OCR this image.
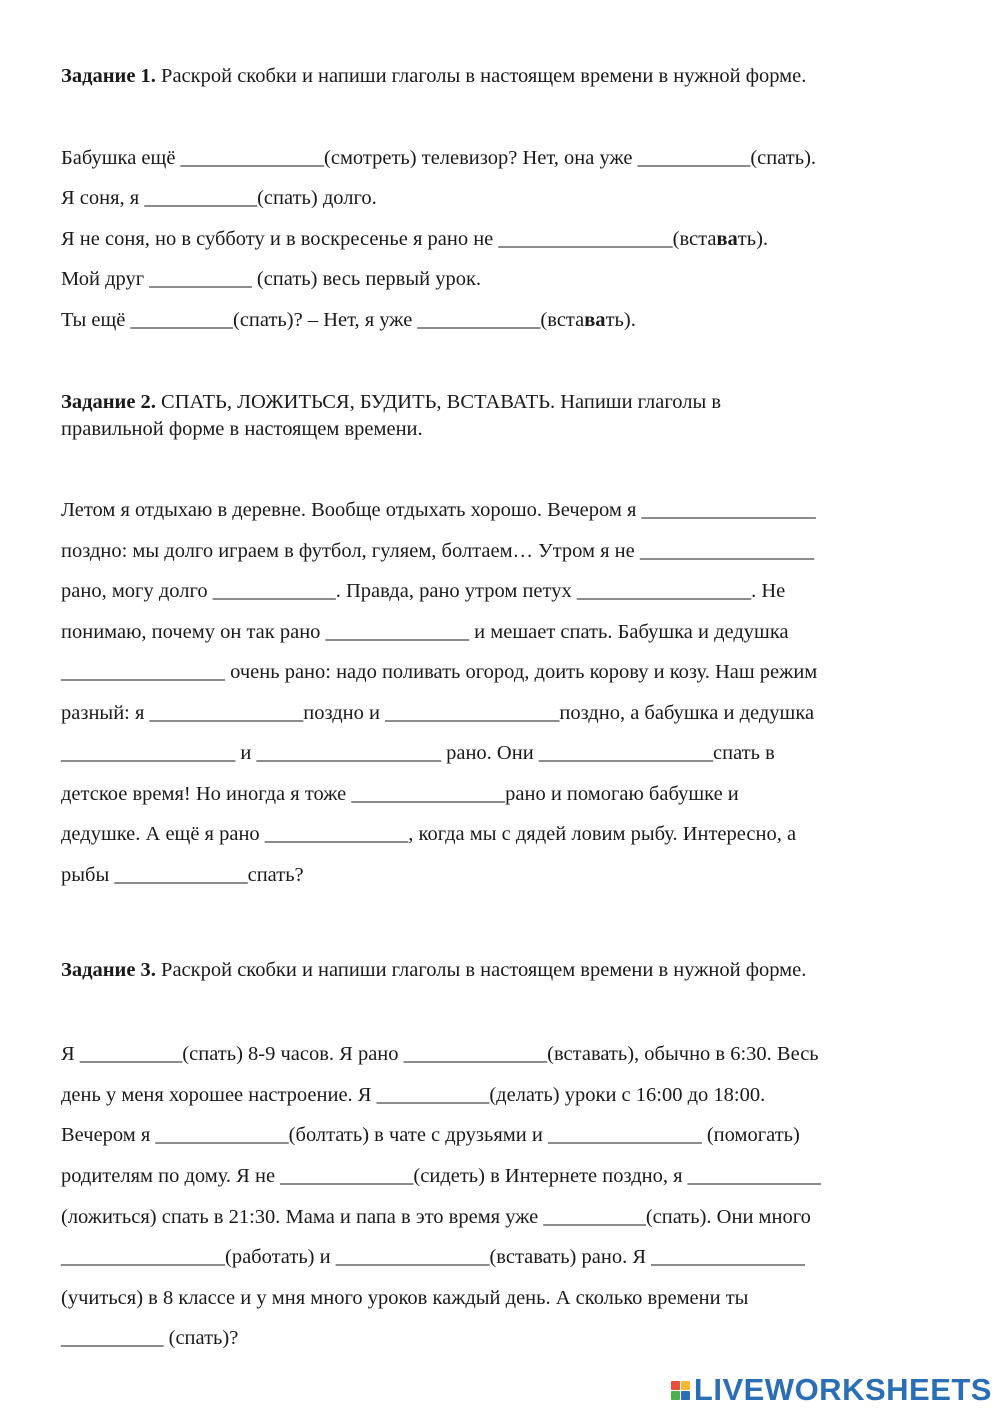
Задание 1. Раскрой скобки и напиши глаголы в настоящем времени в нужной форме.
Бабушка ещё ______________(смотреть) телевизор? Нет, она уже ___________(спать).
Я соня, я ___________(спать) долго.
Я не соня, но в субботу и в воскресенье я рано не _________________(вставать).
Мой друг __________ (спать) весь первый урок.
Ты ещё __________(спать)? – Нет, я уже ____________(вставать).
Задание 2. СПАТЬ, ЛОЖИТЬСЯ, БУДИТЬ, ВСТАВАТЬ. Напиши глаголы в
правильной форме в настоящем времени.
Летом я отдыхаю в деревне. Вообще отдыхать хорошо. Вечером я _________________
поздно: мы долго играем в футбол, гуляем, болтаем… Утром я не _________________
рано, могу долго ____________. Правда, рано утром петух _________________. Не
понимаю, почему он так рано ______________ и мешает спать. Бабушка и дедушка
________________ очень рано: надо поливать огород, доить корову и козу. Наш режим
разный: я _______________поздно и _________________поздно, а бабушка и дедушка
_________________ и __________________ рано. Они _________________спать в
детское время! Но иногда я тоже _______________рано и помогаю бабушке и
дедушке. А ещё я рано ______________, когда мы с дядей ловим рыбу. Интересно, а
рыбы _____________спать?
Задание 3. Раскрой скобки и напиши глаголы в настоящем времени в нужной форме.
Я __________(спать) 8-9 часов. Я рано ______________(вставать), обычно в 6:30. Весь
день у меня хорошее настроение. Я ___________(делать) уроки с 16:00 до 18:00.
Вечером я _____________(болтать) в чате с друзьями и _______________ (помогать)
родителям по дому. Я не _____________(сидеть) в Интернете поздно, я _____________
(ложиться) спать в 21:30. Мама и папа в это время уже __________(спать). Они много
________________(работать) и _______________(вставать) рано. Я _______________
(учиться) в 8 классе и у мня много уроков каждый день. А сколько времени ты
__________ (спать)?
LIVEWORKSHEETS
